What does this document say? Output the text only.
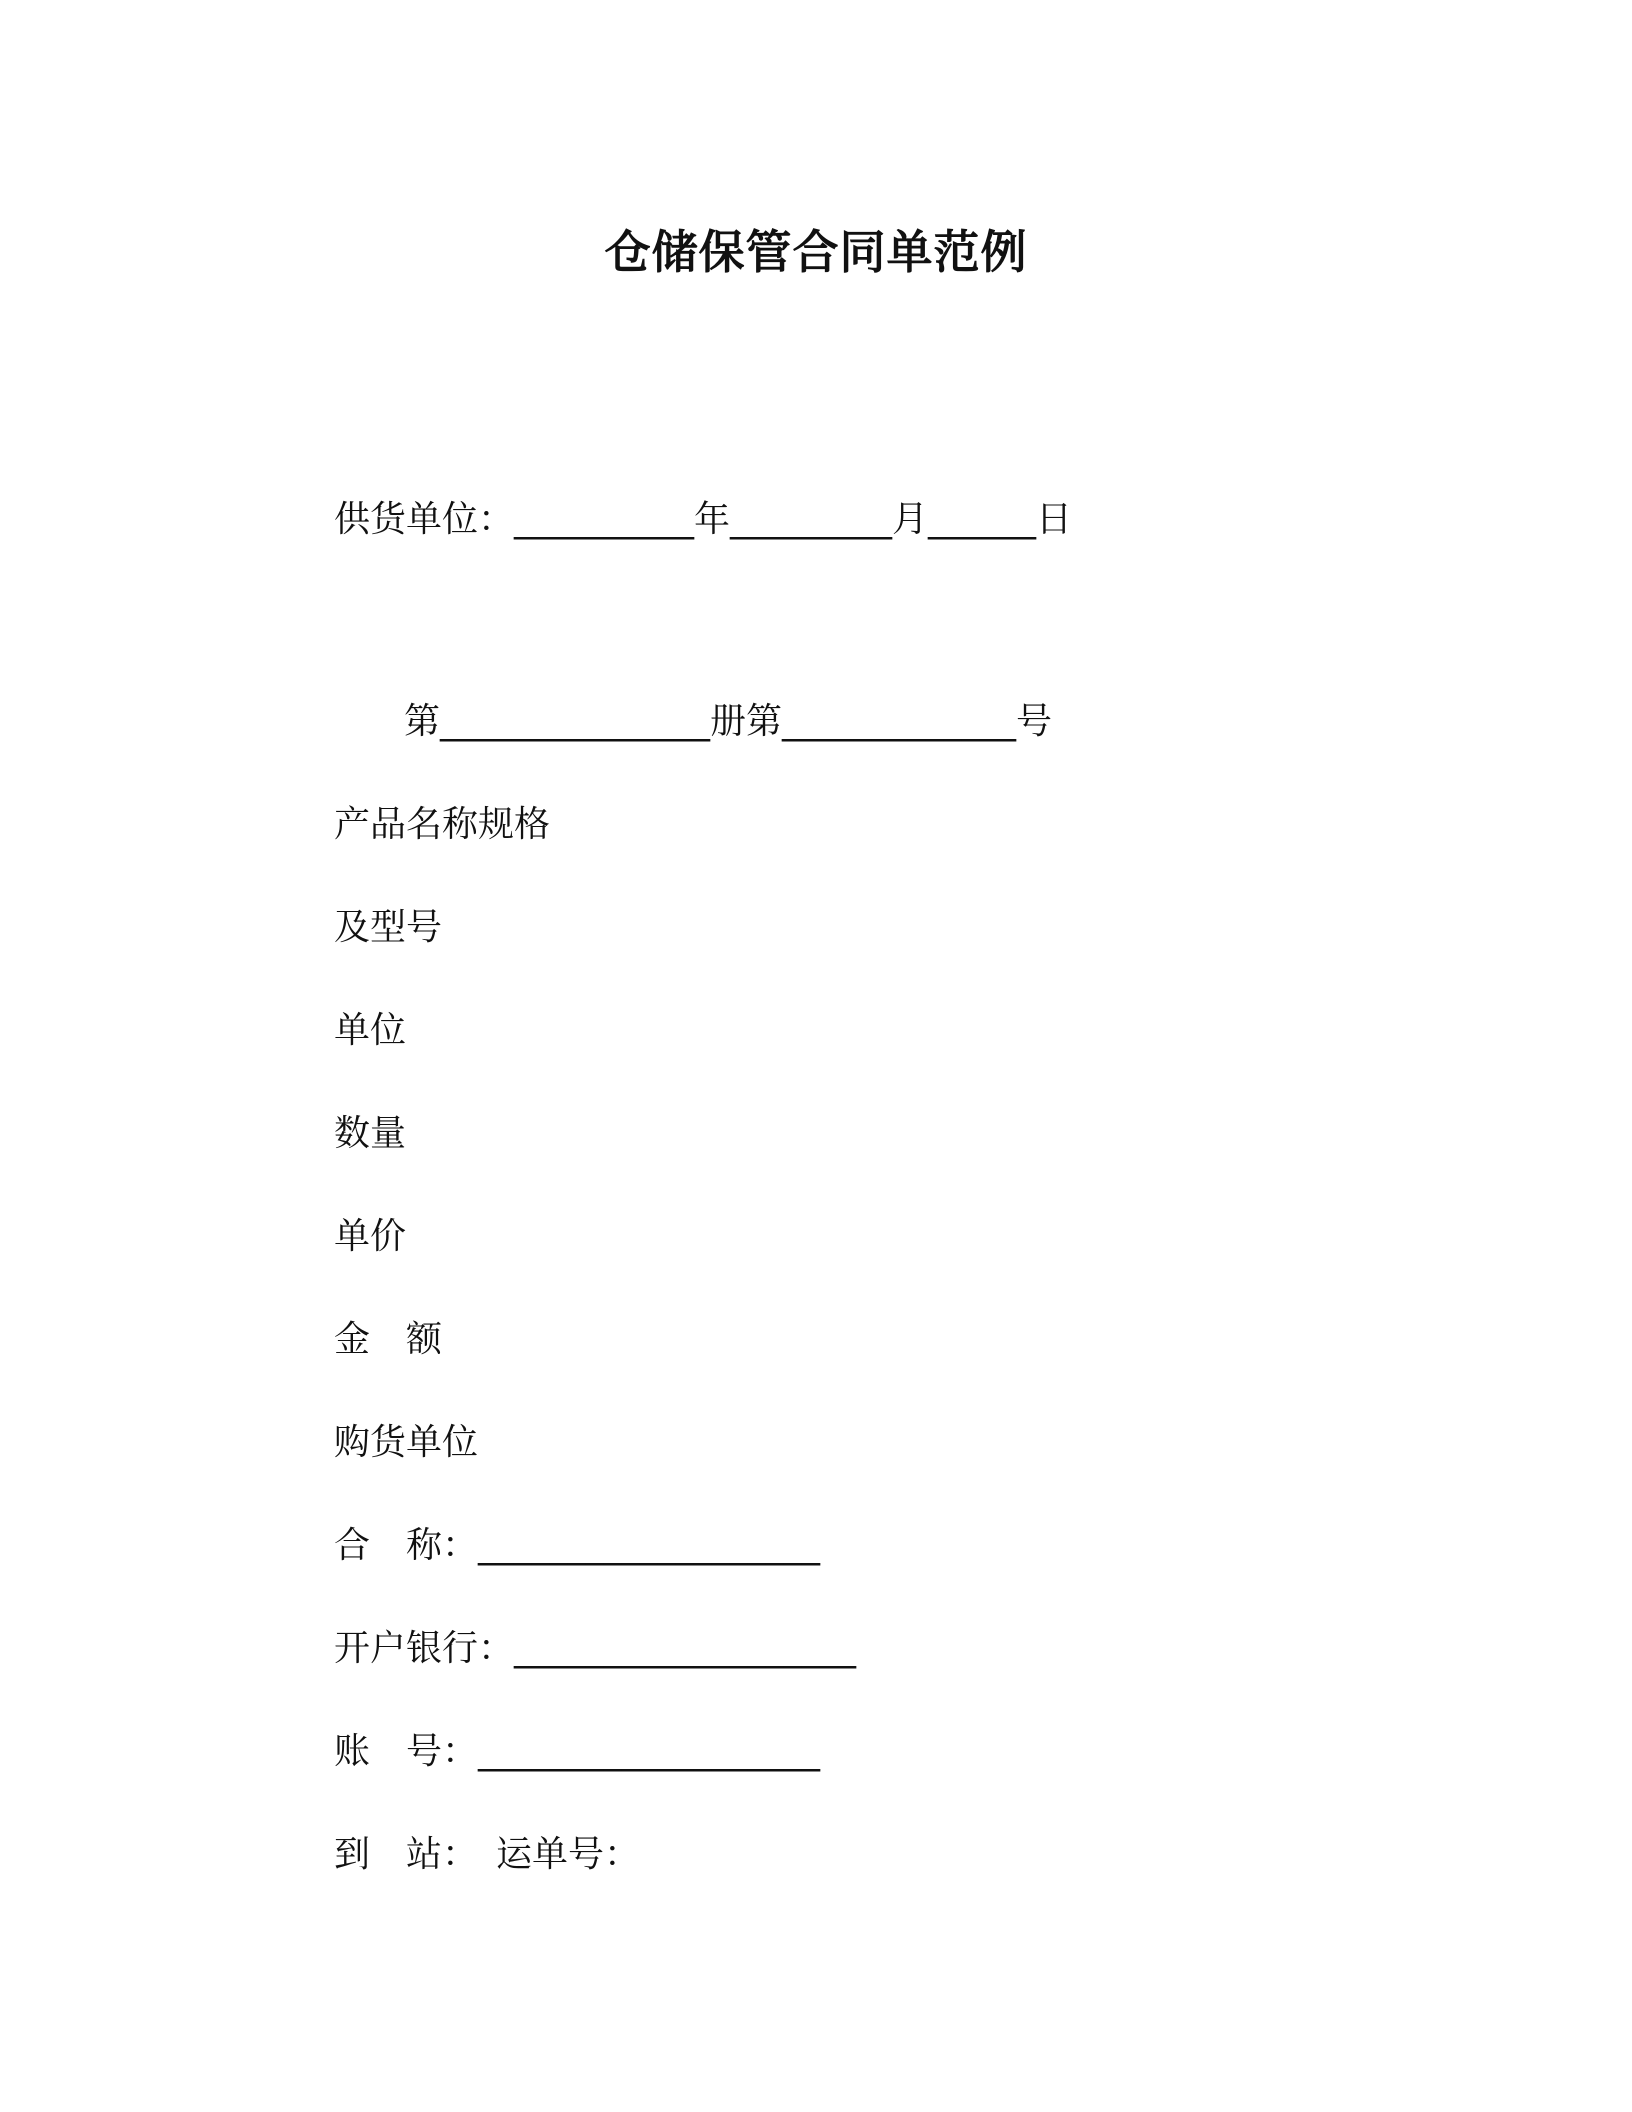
仓储保管合同单范例
供货单位：__________年_________月______日
第_______________册第_____________号
产品名称规格
及型号
单位
数量
单价
金　额
购货单位
合　称：___________________
开户银行：___________________
账　号：___________________
到　站：　运单号：
